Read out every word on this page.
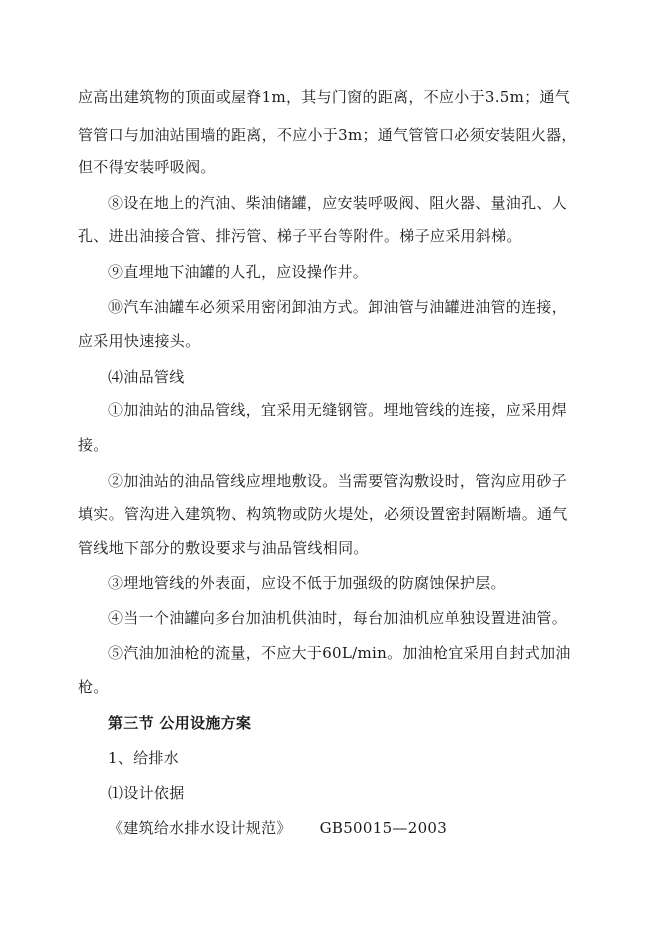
应高出建筑物的顶面或屋脊1m，其与门窗的距离，不应小于3.5m；通气
管管口与加油站围墙的距离，不应小于3m；通气管管口必须安装阻火器，
但不得安装呼吸阀。
⑧设在地上的汽油、柴油储罐，应安装呼吸阀、阻火器、量油孔、人
孔、进出油接合管、排污管、梯子平台等附件。梯子应采用斜梯。
⑨直埋地下油罐的人孔，应设操作井。
⑩汽车油罐车必须采用密闭卸油方式。卸油管与油罐进油管的连接，
应采用快速接头。
⑷油品管线
①加油站的油品管线，宜采用无缝钢管。埋地管线的连接，应采用焊
接。
②加油站的油品管线应埋地敷设。当需要管沟敷设时，管沟应用砂子
填实。管沟进入建筑物、构筑物或防火堤处，必须设置密封隔断墙。通气
管线地下部分的敷设要求与油品管线相同。
③埋地管线的外表面，应设不低于加强级的防腐蚀保护层。
④当一个油罐向多台加油机供油时，每台加油机应单独设置进油管。
⑤汽油加油枪的流量，不应大于60L/min。加油枪宜采用自封式加油
枪。
第三节 公用设施方案
1、给排水
⑴设计依据
《建筑给水排水设计规范》 GB50015—2003
